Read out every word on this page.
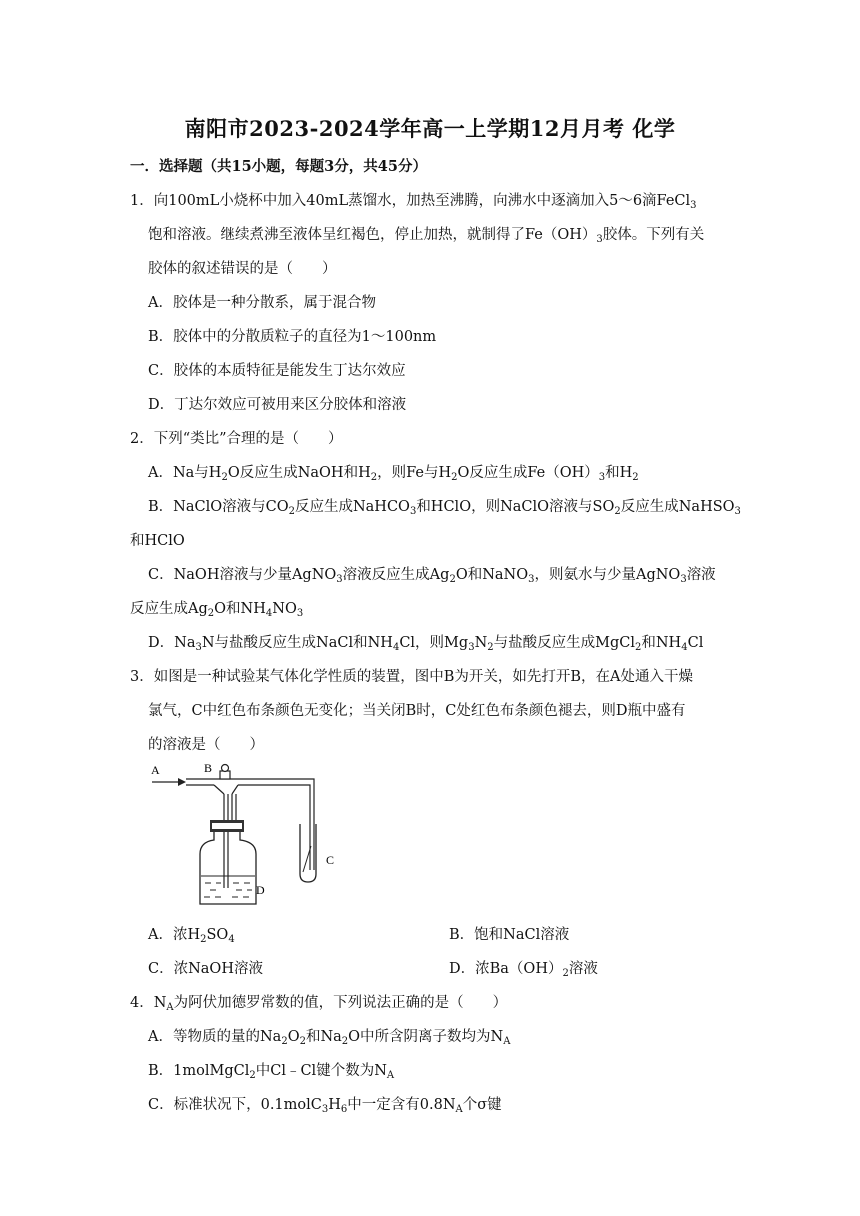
南阳市2023-2024学年高一上学期12月月考 化学
一．选择题（共15小题，每题3分，共45分）
1．向100mL小烧杯中加入40mL蒸馏水，加热至沸腾，向沸水中逐滴加入5～6滴FeCl$_3$
饱和溶液。继续煮沸至液体呈红褐色，停止加热，就制得了$Fe(OH)_3$胶体。下列有关
胶体的叙述错误的是（　　）
A．胶体是一种分散系，属于混合物
B．胶体中的分散质粒子的直径为1～100nm
C．胶体的本质特征是能发生丁达尔效应
D．丁达尔效应可被用来区分胶体和溶液
2．下列“类比”合理的是（　　）
A．Na与$H_2O$反应生成NaOH和$H_2$，则Fe与$H_2O$反应生成$Fe(OH)_3$和$H_2$
B．NaClO溶液与$CO_2$反应生成NaHCO$_3$和HClO，则NaClO溶液与$SO_2$反应生成NaHSO$_3$
和HClO
C．NaOH溶液与少量AgNO$_3$溶液反应生成$Ag_2O$和NaNO$_3$，则氨水与少量AgNO$_3$溶液
反应生成$Ag_2O$和$NH_4NO_3$
D．$Na_3N$与盐酸反应生成NaCl和$NH_4Cl$，则$Mg_3N_2$与盐酸反应生成MgCl$_2$和$NH_4Cl$
3．如图是一种试验某气体化学性质的装置，图中B为开关，如先打开B，在A处通入干燥
氯气，C中红色布条颜色无变化；当关闭B时，C处红色布条颜色褪去，则D瓶中盛有
的溶液是（　　）
A	B
C
D
A．浓$H_2SO_4$	B．饱和NaCl溶液
C．浓NaOH溶液	D．浓$Ba(OH)_2$溶液
4．$N_A$为阿伏加德罗常数的值，下列说法正确的是（　　）
A．等物质的量的$Na_2O_2$和$Na_2O$中所含阴离子数均为$N_A$
B．1molMgCl$_2$中Cl﹣Cl键个数为$N_A$
C．标准状况下，$0.1molC_3H_6$中一定含有$0.8N_A$个σ键
